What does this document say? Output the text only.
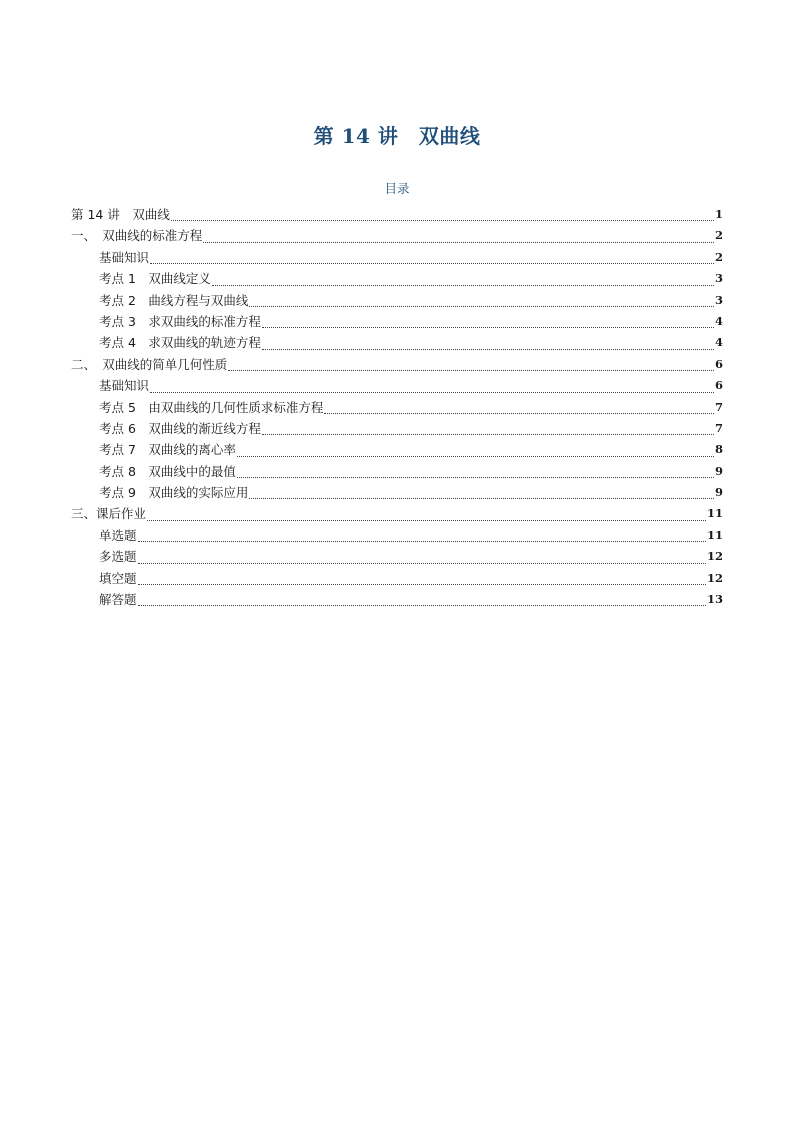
第 14 讲　双曲线
目录
第 14 讲　双曲线	1
一、　双曲线的标准方程	2
基础知识	2
考点 1　双曲线定义	3
考点 2　曲线方程与双曲线	3
考点 3　求双曲线的标准方程	4
考点 4　求双曲线的轨迹方程	4
二、　双曲线的简单几何性质	6
基础知识	6
考点 5　由双曲线的几何性质求标准方程	7
考点 6　双曲线的渐近线方程	7
考点 7　双曲线的离心率	8
考点 8　双曲线中的最值	9
考点 9　双曲线的实际应用	9
三、课后作业	11
单选题	11
多选题	12
填空题	12
解答题	13
